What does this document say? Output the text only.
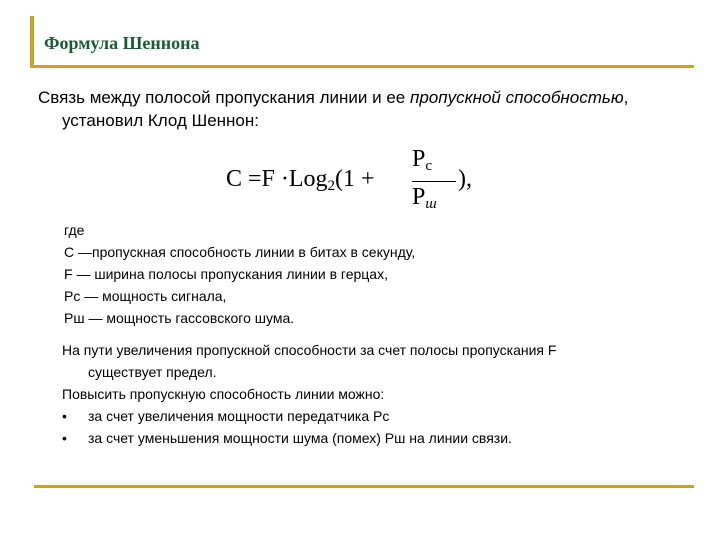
Формула Шеннона
Связь между полосой пропускания линии и ее пропускной способностью,
установил Клод Шеннон:
C =F ·Log$_2$(1 +
$P_c$
$P_ш$
),
где
С —пропускная способность линии в битах в секунду,
F — ширина полосы пропускания линии в герцах,
Рс — мощность сигнала,
Рш — мощность гассовского шума.
На пути увеличения пропускной способности за счет полосы пропускания F
существует предел.
Повысить пропускную способность линии можно:
• за счет увеличения мощности передатчика Рс
• за счет уменьшения мощности шума (помех) Рш на линии связи.
